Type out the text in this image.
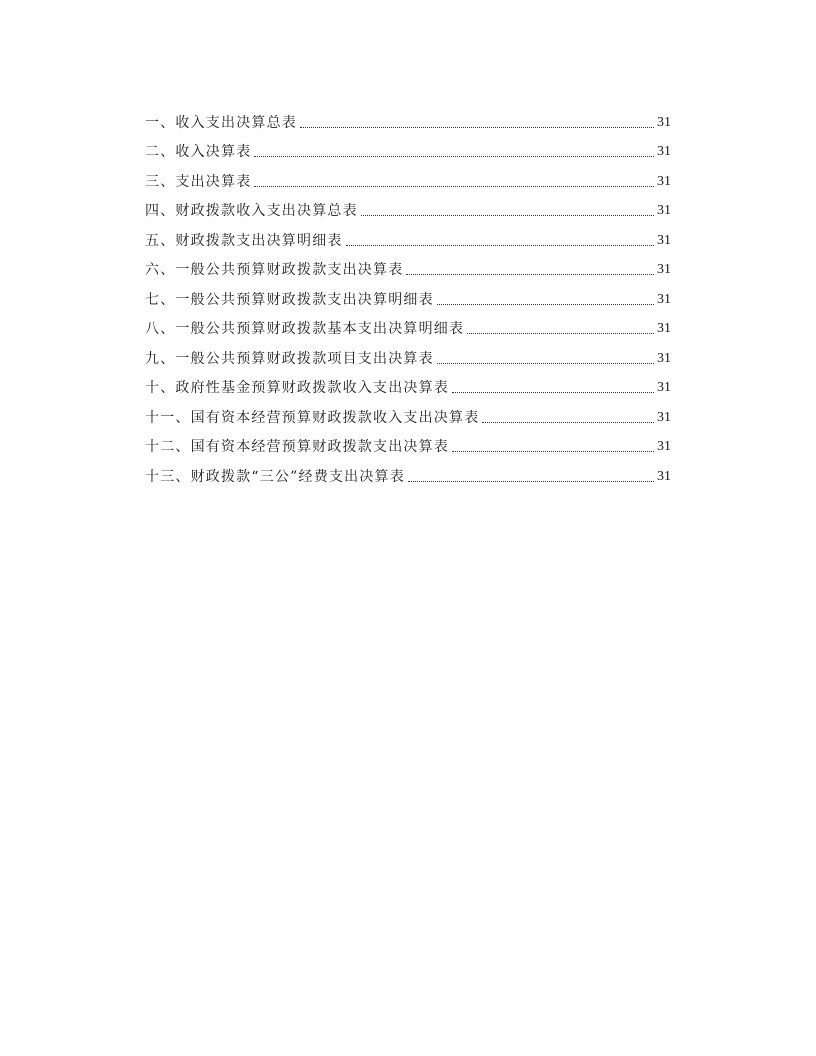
一、收入支出决算总表	31
二、收入决算表	31
三、支出决算表	31
四、财政拨款收入支出决算总表	31
五、财政拨款支出决算明细表	31
六、一般公共预算财政拨款支出决算表	31
七、一般公共预算财政拨款支出决算明细表	31
八、一般公共预算财政拨款基本支出决算明细表	31
九、一般公共预算财政拨款项目支出决算表	31
十、政府性基金预算财政拨款收入支出决算表	31
十一、国有资本经营预算财政拨款收入支出决算表	31
十二、国有资本经营预算财政拨款支出决算表	31
十三、财政拨款“三公”经费支出决算表	31
